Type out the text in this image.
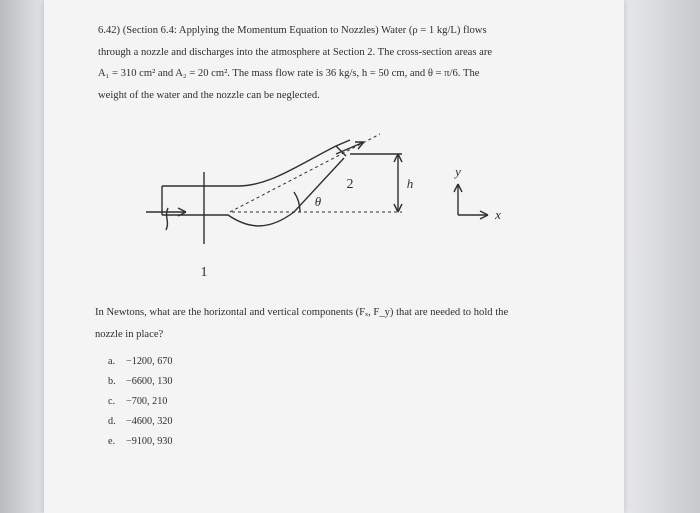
6.42) (Section 6.4: Applying the Momentum Equation to Nozzles) Water (ρ = 1 kg/L) flows

through a nozzle and discharges into the atmosphere at Section 2. The cross-section areas are

A₁ = 310 cm² and A₂ = 20 cm². The mass flow rate is 36 kg/s, h = 50 cm, and θ = π/6. The

weight of the water and the nozzle can be neglected.

1
2
θ
h
y
x

In Newtons, what are the horizontal and vertical components (Fₓ, F_y) that are needed to hold the

nozzle in place?

a. −1200, 670
b. −6600, 130
c. −700, 210
d. −4600, 320
e. −9100, 930
